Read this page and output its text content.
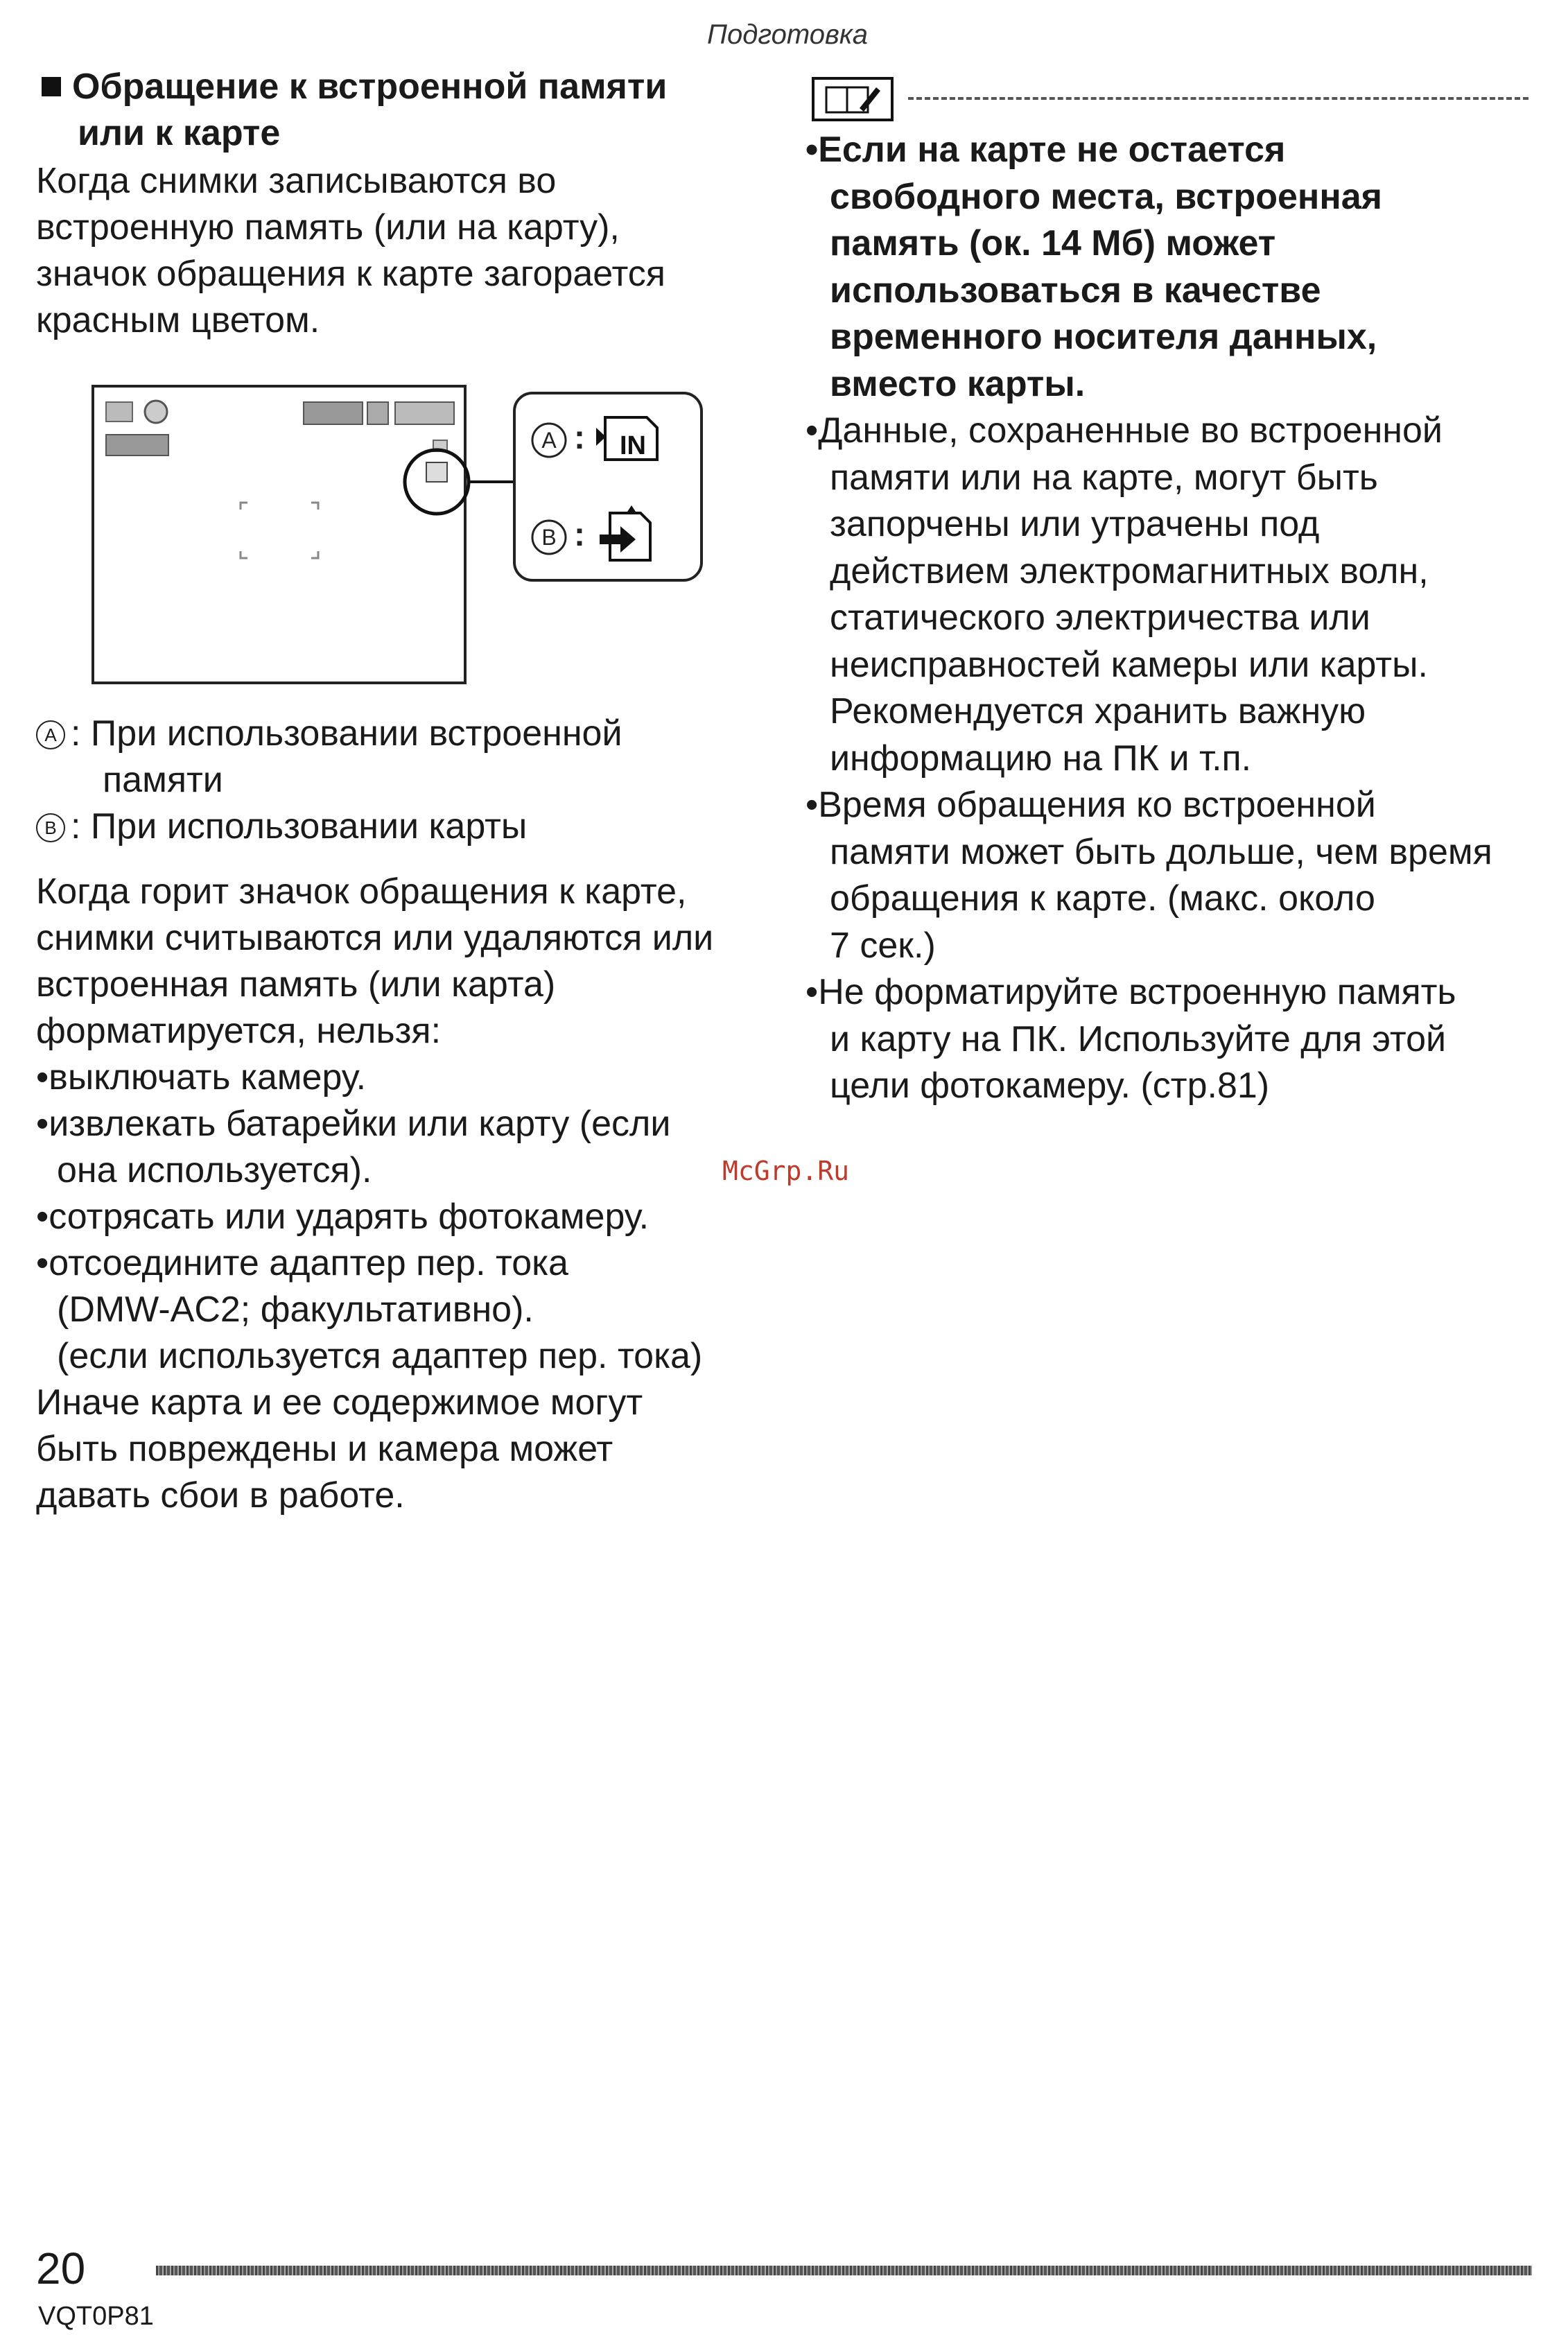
Подготовка
Обращение к встроенной памяти
или к карте
Когда снимки записываются во
встроенную память (или на карту),
значок обращения к карте загорается
красным цветом.
A : IN
B :
A : При использовании встроенной
памяти
B : При использовании карты
Когда горит значок обращения к карте,
снимки считываются или удаляются или
встроенная память (или карта)
форматируется, нельзя:
•выключать камеру.
•извлекать батарейки или карту (если
она используется).
•сотрясать или ударять фотокамеру.
•отсоедините адаптер пер. тока
(DMW-AC2; факультативно).
(если используется адаптер пер. тока)
Иначе карта и ее содержимое могут
быть повреждены и камера может
давать сбои в работе.
McGrp.Ru
•Если на карте не остается
свободного места, встроенная
память (ок. 14 Мб) может
использоваться в качестве
временного носителя данных,
вместо карты.
•Данные, сохраненные во встроенной
памяти или на карте, могут быть
запорчены или утрачены под
действием электромагнитных волн,
статического электричества или
неисправностей камеры или карты.
Рекомендуется хранить важную
информацию на ПК и т.п.
•Время обращения ко встроенной
памяти может быть дольше, чем время
обращения к карте. (макс. около
7 сек.)
•Не форматируйте встроенную память
и карту на ПК. Используйте для этой
цели фотокамеру. (стр.81)
20
VQT0P81
